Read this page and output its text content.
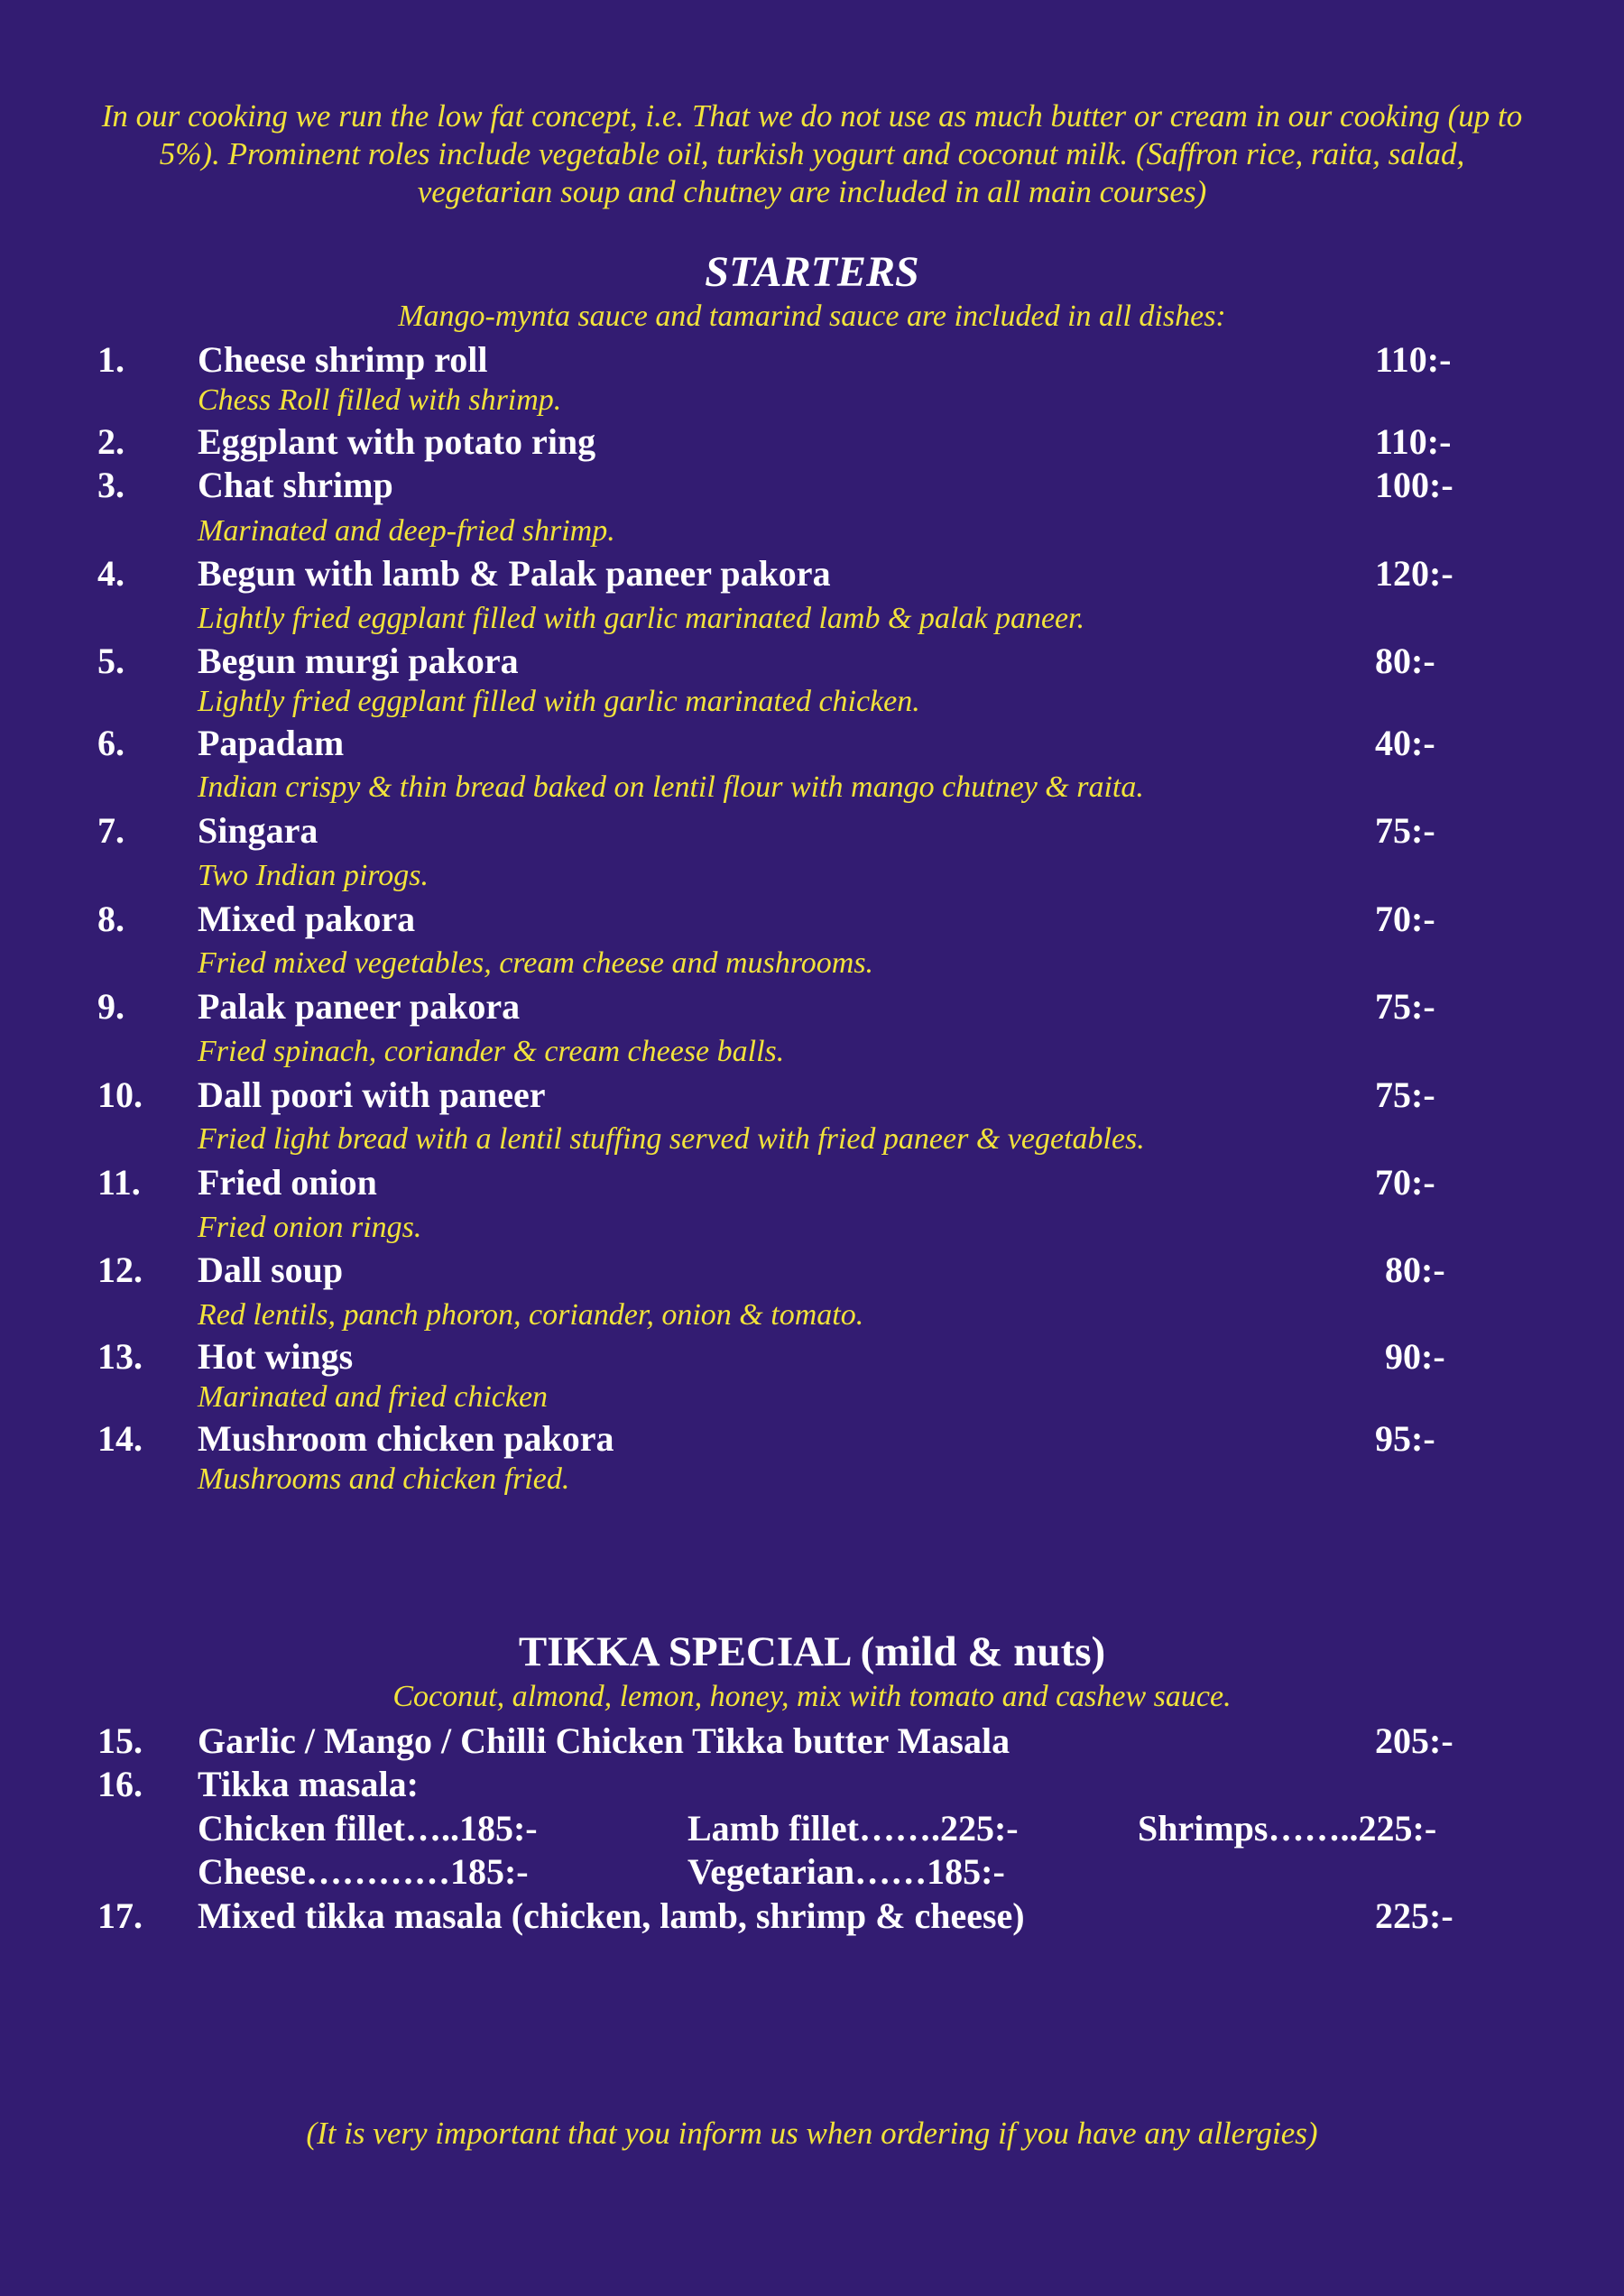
In our cooking we run the low fat concept, i.e. That we do not use as much butter or cream in our cooking (up to 5%). Prominent roles include vegetable oil, turkish yogurt and coconut milk. (Saffron rice, raita, salad, vegetarian soup and chutney are included in all main courses)
STARTERS
Mango-mynta sauce and tamarind sauce are included in all dishes:
1. Cheese shrimp roll	110:-
Chess Roll filled with shrimp.
2. Eggplant with potato ring	110:-
3. Chat shrimp	100:-
Marinated and deep-fried shrimp.
4. Begun with lamb & Palak paneer pakora	120:-
Lightly fried eggplant filled with garlic marinated lamb & palak paneer.
5. Begun murgi pakora	80:-
Lightly fried eggplant filled with garlic marinated chicken.
6. Papadam	40:-
Indian crispy & thin bread baked on lentil flour with mango chutney & raita.
7. Singara	75:-
Two Indian pirogs.
8. Mixed pakora	70:-
Fried mixed vegetables, cream cheese and mushrooms.
9. Palak paneer pakora	75:-
Fried spinach, coriander & cream cheese balls.
10. Dall poori with paneer	75:-
Fried light bread with a lentil stuffing served with fried paneer & vegetables.
11. Fried onion	70:-
Fried onion rings.
12. Dall soup	80:-
Red lentils, panch phoron, coriander, onion & tomato.
13. Hot wings	90:-
Marinated and fried chicken
14. Mushroom chicken pakora	95:-
Mushrooms and chicken fried.
TIKKA SPECIAL (mild & nuts)
Coconut, almond, lemon, honey, mix with tomato and cashew sauce.
15. Garlic / Mango / Chilli Chicken Tikka butter Masala	205:-
16. Tikka masala:
Chicken fillet…..185:-	Lamb fillet…….225:-	Shrimps……..225:-
Cheese…………185:-	Vegetarian……185:-
17. Mixed tikka masala (chicken, lamb, shrimp & cheese)	225:-
(It is very important that you inform us when ordering if you have any allergies)
